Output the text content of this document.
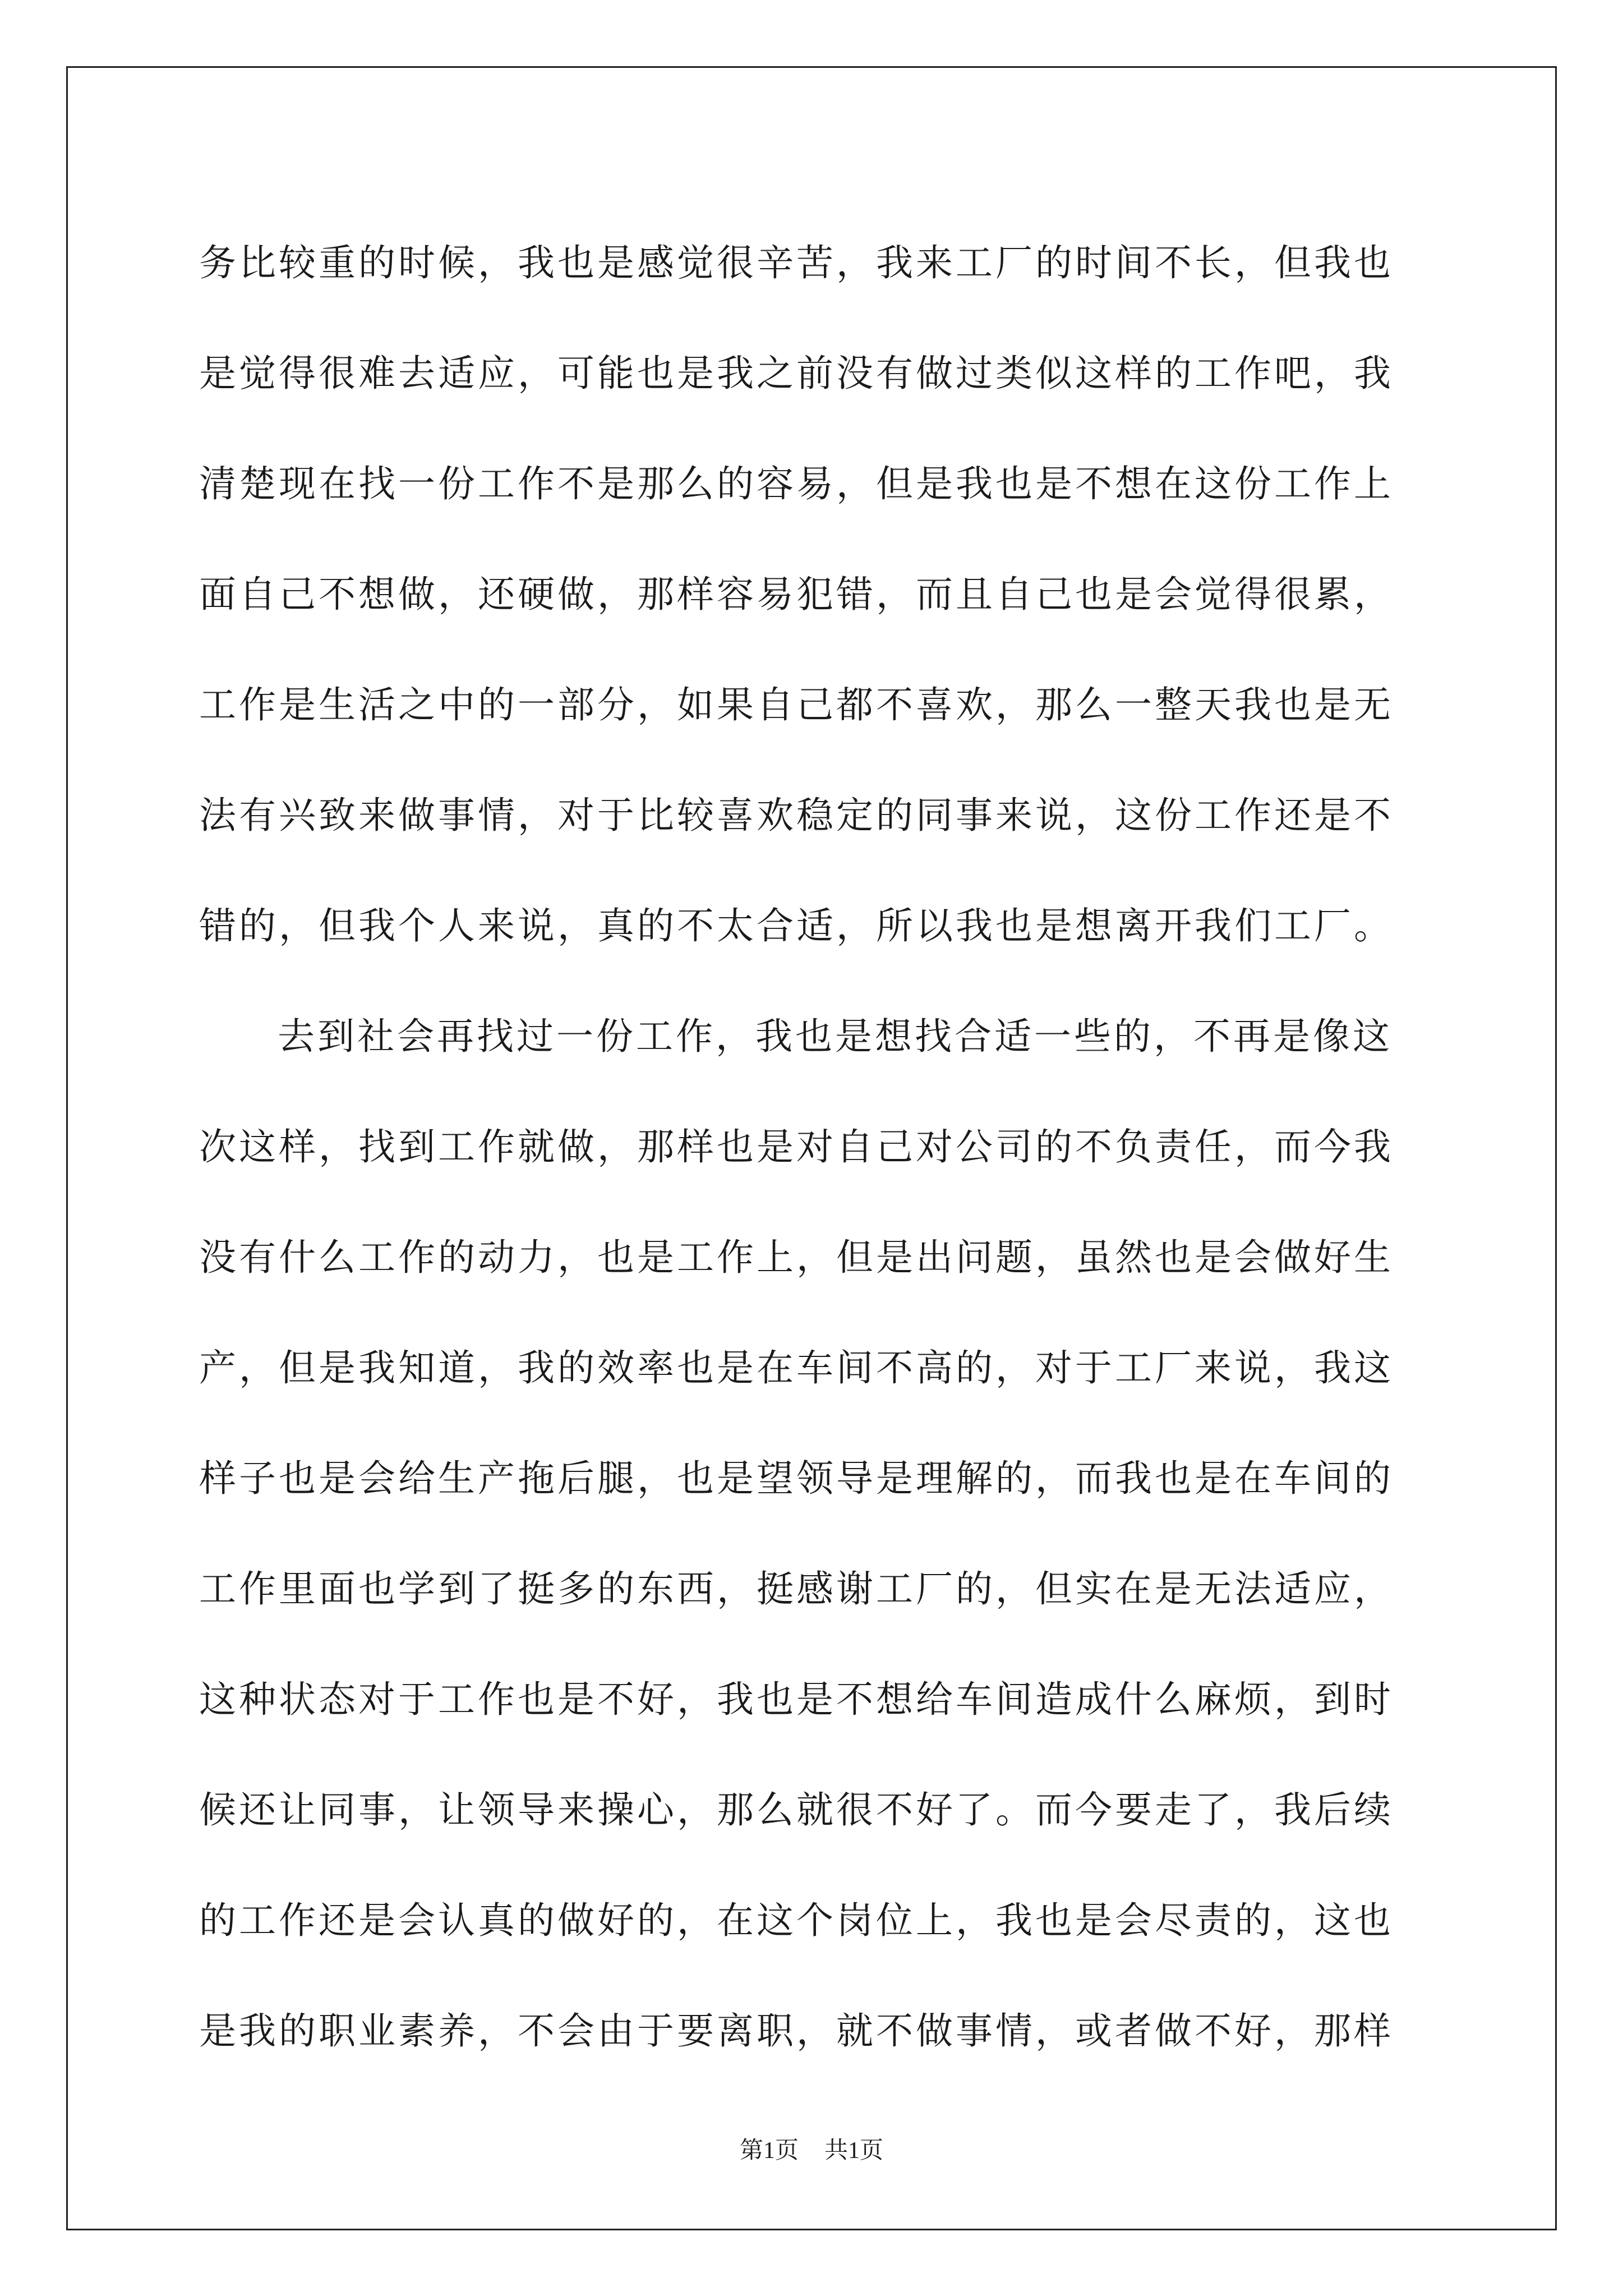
务比较重的时候，我也是感觉很辛苦，我来工厂的时间不长，但我也
是觉得很难去适应，可能也是我之前没有做过类似这样的工作吧，我
清楚现在找一份工作不是那么的容易，但是我也是不想在这份工作上
面自己不想做，还硬做，那样容易犯错，而且自己也是会觉得很累，
工作是生活之中的一部分，如果自己都不喜欢，那么一整天我也是无
法有兴致来做事情，对于比较喜欢稳定的同事来说，这份工作还是不
错的，但我个人来说，真的不太合适，所以我也是想离开我们工厂。

去到社会再找过一份工作，我也是想找合适一些的，不再是像这
次这样，找到工作就做，那样也是对自己对公司的不负责任，而今我
没有什么工作的动力，也是工作上，但是出问题，虽然也是会做好生
产，但是我知道，我的效率也是在车间不高的，对于工厂来说，我这
样子也是会给生产拖后腿，也是望领导是理解的，而我也是在车间的
工作里面也学到了挺多的东西，挺感谢工厂的，但实在是无法适应，
这种状态对于工作也是不好，我也是不想给车间造成什么麻烦，到时
候还让同事，让领导来操心，那么就很不好了。而今要走了，我后续
的工作还是会认真的做好的，在这个岗位上，我也是会尽责的，这也
是我的职业素养，不会由于要离职，就不做事情，或者做不好，那样

第1页 共1页
